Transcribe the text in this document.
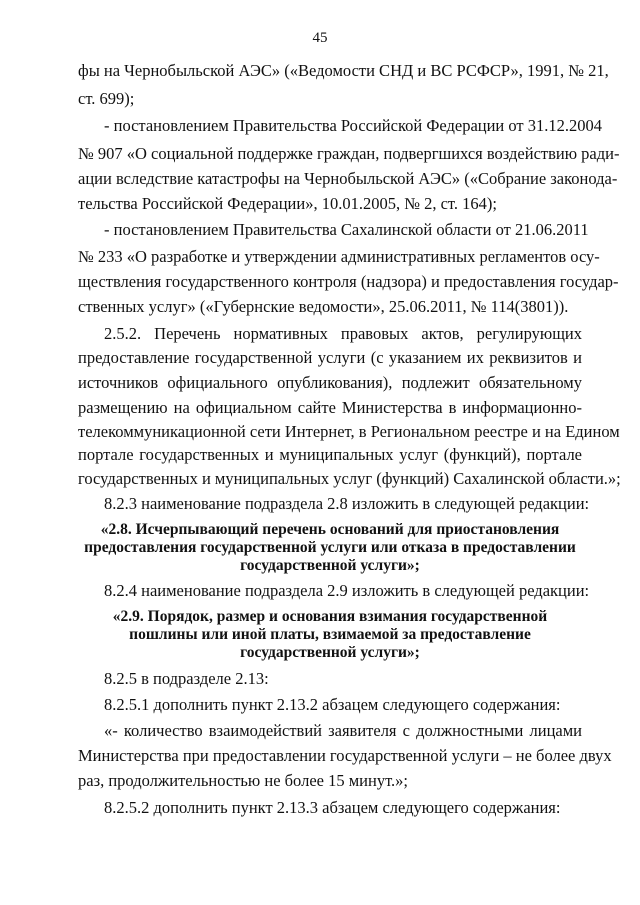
45
фы на Чернобыльской АЭС» («Ведомости СНД и ВС РСФСР», 1991, № 21,
ст. 699);
- постановлением Правительства Российской Федерации от 31.12.2004
№ 907 «О социальной поддержке граждан, подвергшихся воздействию ради-
ации вследствие катастрофы на Чернобыльской АЭС» («Собрание законода-
тельства Российской Федерации», 10.01.2005, № 2, ст. 164);
- постановлением Правительства Сахалинской области от 21.06.2011
№ 233 «О разработке и утверждении административных регламентов осу-
ществления государственного контроля (надзора) и предоставления государ-
ственных услуг» («Губернские ведомости», 25.06.2011, № 114(3801)).
2.5.2. Перечень нормативных правовых актов, регулирующих
предоставление государственной услуги (с указанием их реквизитов и
источников официального опубликования), подлежит обязательному
размещению на официальном сайте Министерства в информационно-
телекоммуникационной сети Интернет, в Региональном реестре и на Едином
портале государственных и муниципальных услуг (функций), портале
государственных и муниципальных услуг (функций) Сахалинской области.»;
8.2.3 наименование подраздела 2.8 изложить в следующей редакции:
«2.8. Исчерпывающий перечень оснований для приостановления
предоставления государственной услуги или отказа в предоставлении
государственной услуги»;
8.2.4 наименование подраздела 2.9 изложить в следующей редакции:
«2.9. Порядок, размер и основания взимания государственной
пошлины или иной платы, взимаемой за предоставление
государственной услуги»;
8.2.5 в подразделе 2.13:
8.2.5.1 дополнить пункт 2.13.2 абзацем следующего содержания:
«- количество взаимодействий заявителя с должностными лицами
Министерства при предоставлении государственной услуги – не более двух
раз, продолжительностью не более 15 минут.»;
8.2.5.2 дополнить пункт 2.13.3 абзацем следующего содержания:
